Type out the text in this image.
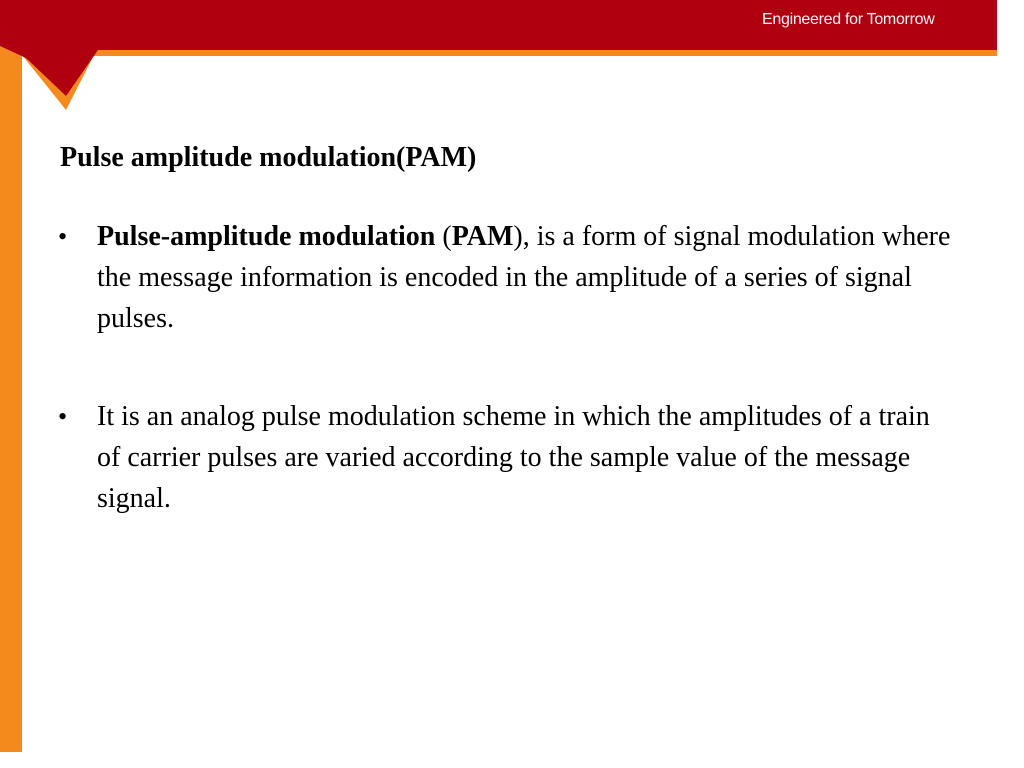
Engineered for Tomorrow
Pulse amplitude modulation(PAM)
•	Pulse-amplitude modulation (PAM), is a form of signal modulation where the message information is encoded in the amplitude of a series of signal pulses.
•	It is an analog pulse modulation scheme in which the amplitudes of a train of carrier pulses are varied according to the sample value of the message signal.
